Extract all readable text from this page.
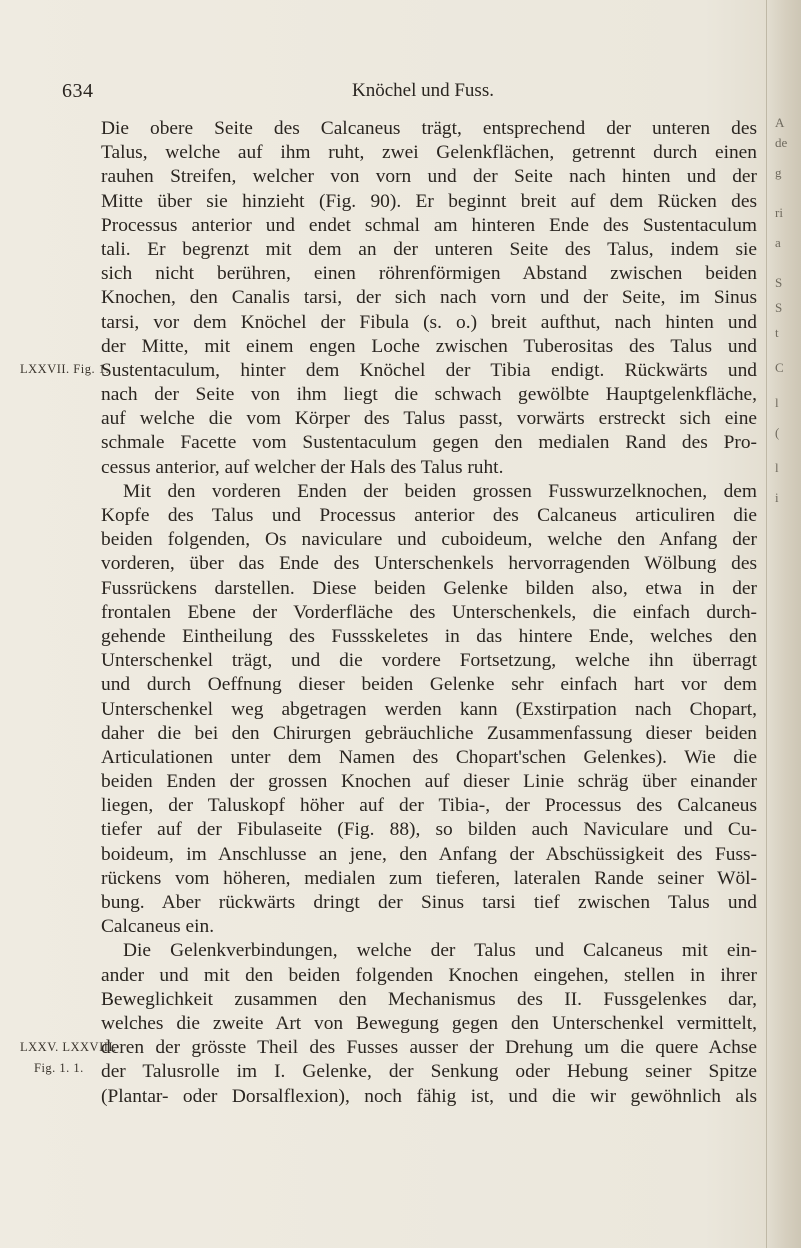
A
de
g
ri
a
S
S
t
C
l
(
l
i
634	Knöchel und Fuss.
LXXVII. Fig. 1.
LXXV. LXXVIII.
Fig. 1. 1.
Die obere Seite des Calcaneus trägt, entsprechend der unteren des
Talus, welche auf ihm ruht, zwei Gelenkflächen, getrennt durch einen
rauhen Streifen, welcher von vorn und der Seite nach hinten und der
Mitte über sie hinzieht (Fig. 90). Er beginnt breit auf dem Rücken des
Processus anterior und endet schmal am hinteren Ende des Sustentaculum
tali. Er begrenzt mit dem an der unteren Seite des Talus, indem sie
sich nicht berühren, einen röhrenförmigen Abstand zwischen beiden
Knochen, den Canalis tarsi, der sich nach vorn und der Seite, im Sinus
tarsi, vor dem Knöchel der Fibula (s. o.) breit aufthut, nach hinten und
der Mitte, mit einem engen Loche zwischen Tuberositas des Talus und
Sustentaculum, hinter dem Knöchel der Tibia endigt. Rückwärts und
nach der Seite von ihm liegt die schwach gewölbte Hauptgelenkfläche,
auf welche die vom Körper des Talus passt, vorwärts erstreckt sich eine
schmale Facette vom Sustentaculum gegen den medialen Rand des Pro-
cessus anterior, auf welcher der Hals des Talus ruht.
Mit den vorderen Enden der beiden grossen Fusswurzelknochen, dem
Kopfe des Talus und Processus anterior des Calcaneus articuliren die
beiden folgenden, Os naviculare und cuboideum, welche den Anfang der
vorderen, über das Ende des Unterschenkels hervorragenden Wölbung des
Fussrückens darstellen. Diese beiden Gelenke bilden also, etwa in der
frontalen Ebene der Vorderfläche des Unterschenkels, die einfach durch-
gehende Eintheilung des Fussskeletes in das hintere Ende, welches den
Unterschenkel trägt, und die vordere Fortsetzung, welche ihn überragt
und durch Oeffnung dieser beiden Gelenke sehr einfach hart vor dem
Unterschenkel weg abgetragen werden kann (Exstirpation nach Chopart,
daher die bei den Chirurgen gebräuchliche Zusammenfassung dieser beiden
Articulationen unter dem Namen des Chopart'schen Gelenkes). Wie die
beiden Enden der grossen Knochen auf dieser Linie schräg über einander
liegen, der Taluskopf höher auf der Tibia-, der Processus des Calcaneus
tiefer auf der Fibulaseite (Fig. 88), so bilden auch Naviculare und Cu-
boideum, im Anschlusse an jene, den Anfang der Abschüssigkeit des Fuss-
rückens vom höheren, medialen zum tieferen, lateralen Rande seiner Wöl-
bung. Aber rückwärts dringt der Sinus tarsi tief zwischen Talus und
Calcaneus ein.
Die Gelenkverbindungen, welche der Talus und Calcaneus mit ein-
ander und mit den beiden folgenden Knochen eingehen, stellen in ihrer
Beweglichkeit zusammen den Mechanismus des II. Fussgelenkes dar,
welches die zweite Art von Bewegung gegen den Unterschenkel vermittelt,
deren der grösste Theil des Fusses ausser der Drehung um die quere Achse
der Talusrolle im I. Gelenke, der Senkung oder Hebung seiner Spitze
(Plantar- oder Dorsalflexion), noch fähig ist, und die wir gewöhnlich als
